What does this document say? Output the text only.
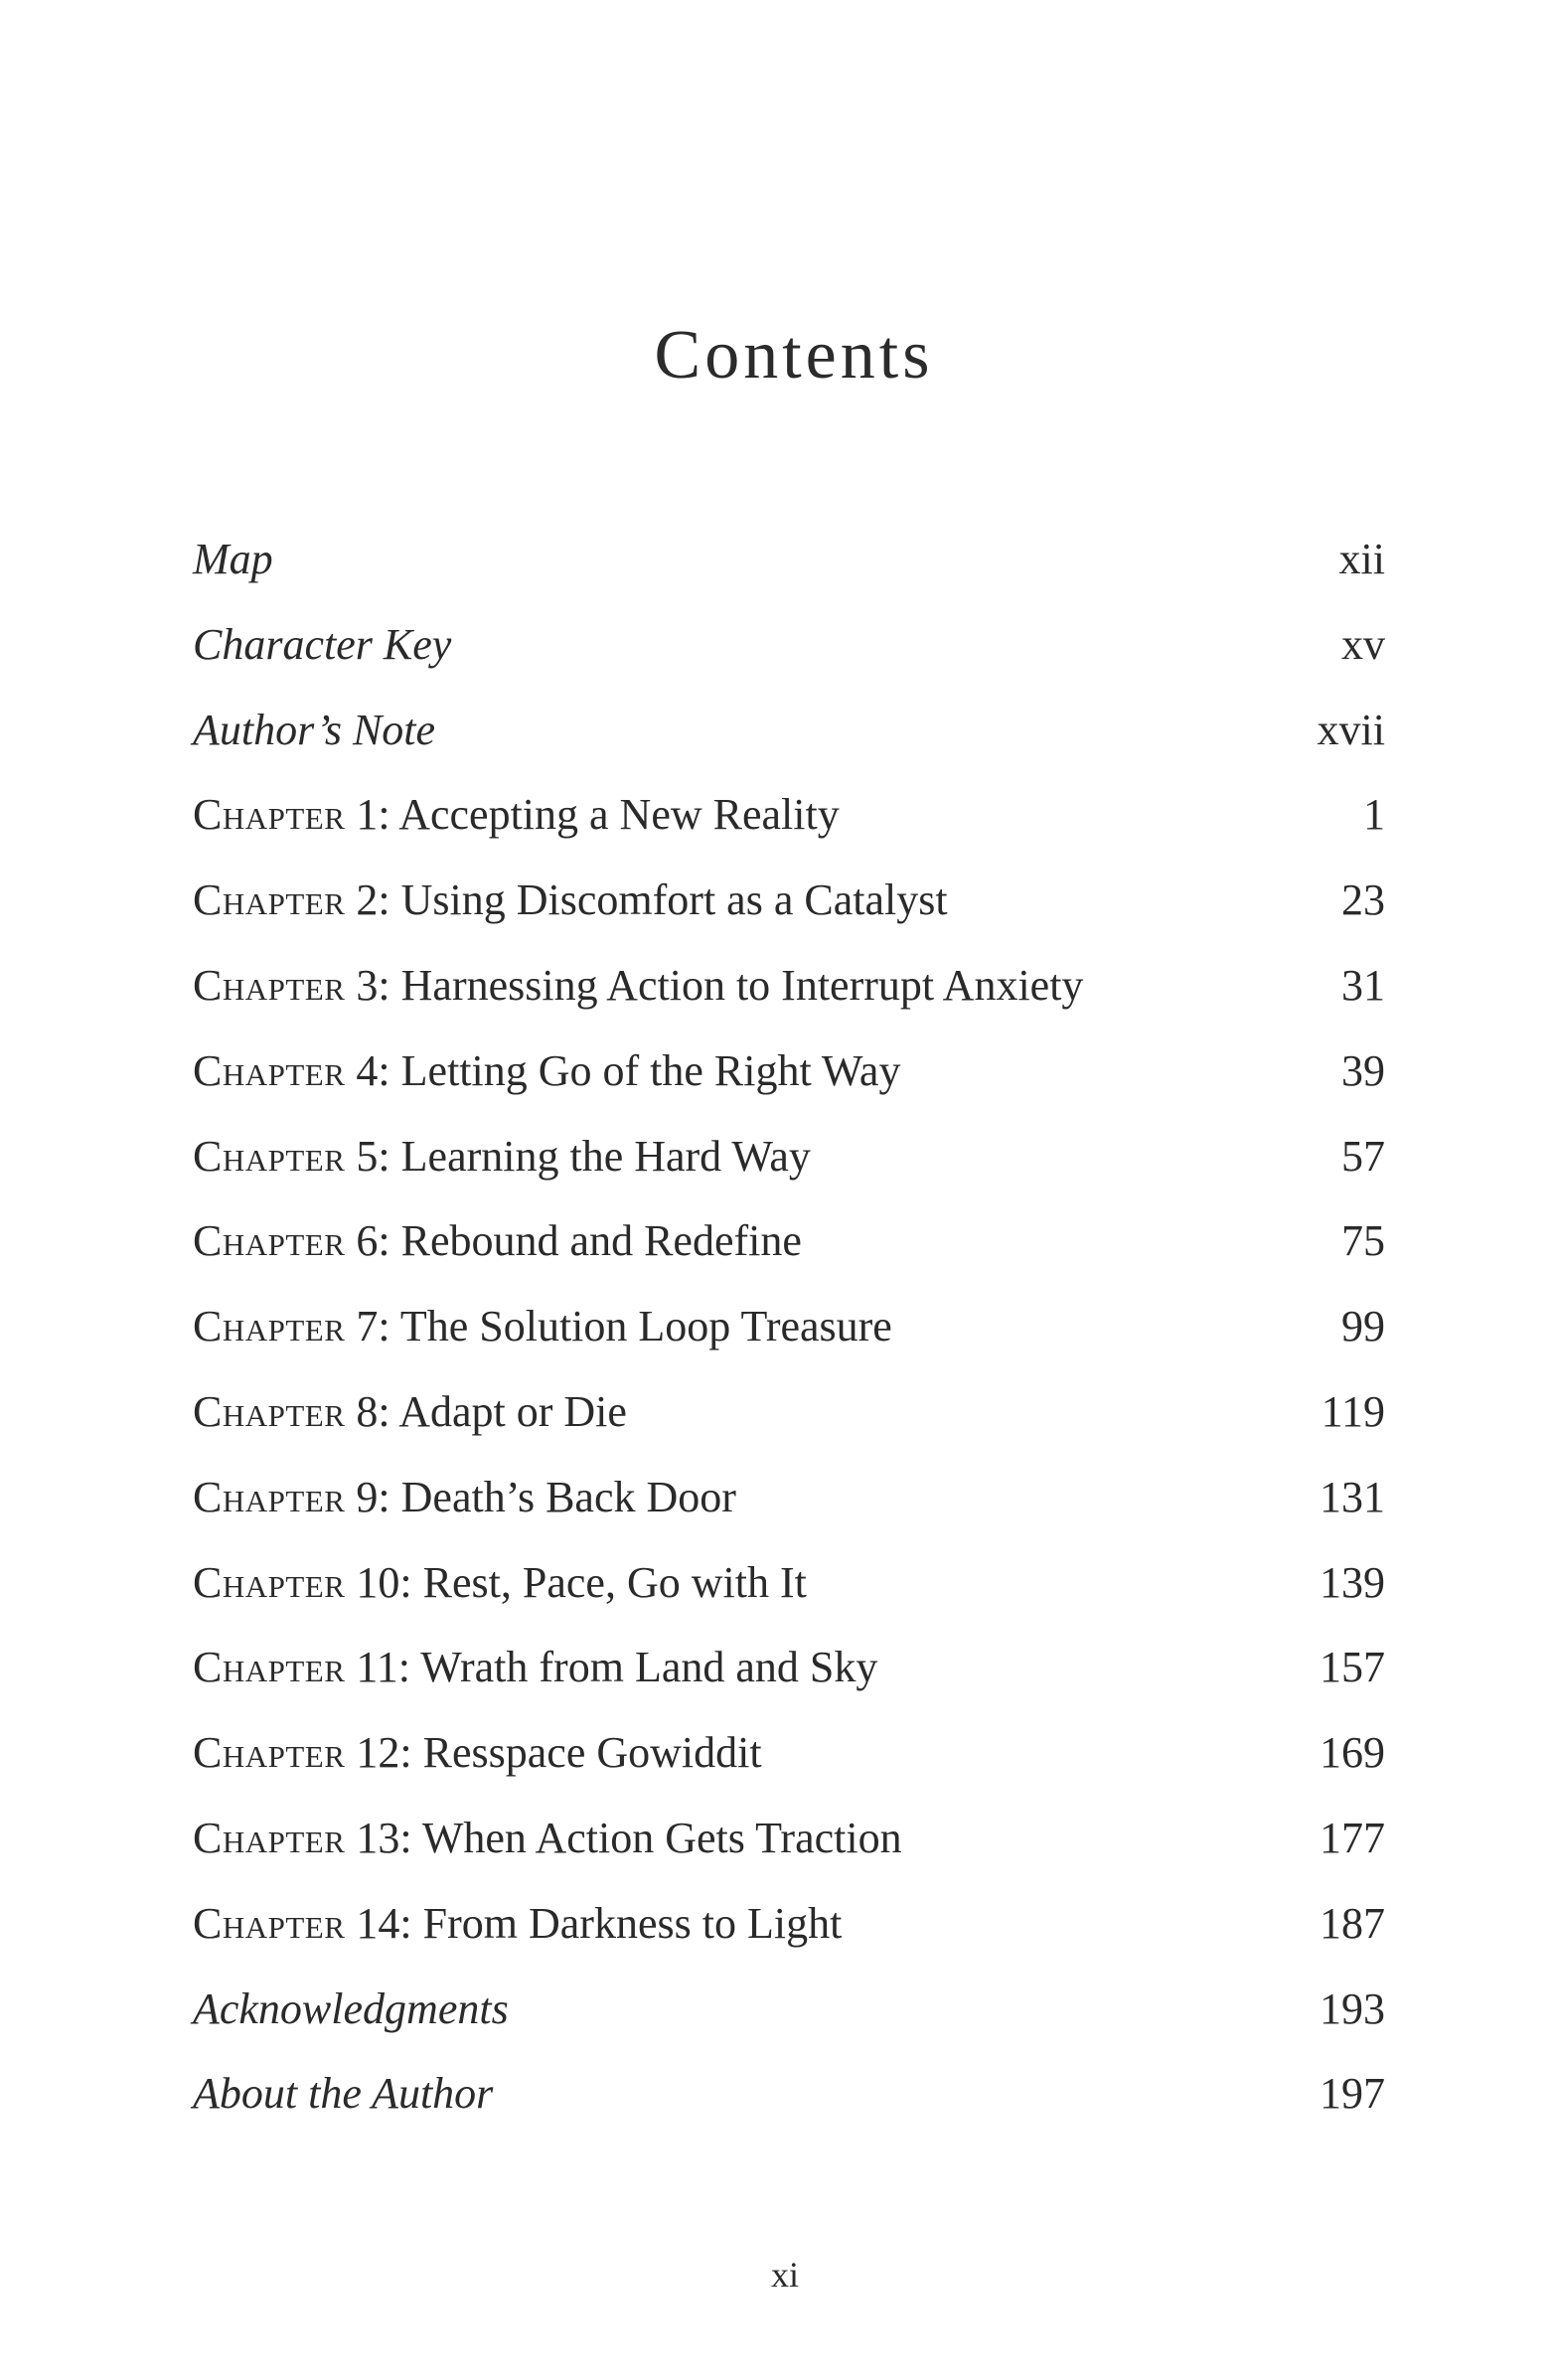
Contents
Map	xii
Character Key	xv
Author’s Note	xvii
Chapter 1: Accepting a New Reality	1
Chapter 2: Using Discomfort as a Catalyst	23
Chapter 3: Harnessing Action to Interrupt Anxiety	31
Chapter 4: Letting Go of the Right Way	39
Chapter 5: Learning the Hard Way	57
Chapter 6: Rebound and Redefine	75
Chapter 7: The Solution Loop Treasure	99
Chapter 8: Adapt or Die	119
Chapter 9: Death’s Back Door	131
Chapter 10: Rest, Pace, Go with It	139
Chapter 11: Wrath from Land and Sky	157
Chapter 12: Resspace Gowiddit	169
Chapter 13: When Action Gets Traction	177
Chapter 14: From Darkness to Light	187
Acknowledgments	193
About the Author	197
xi
